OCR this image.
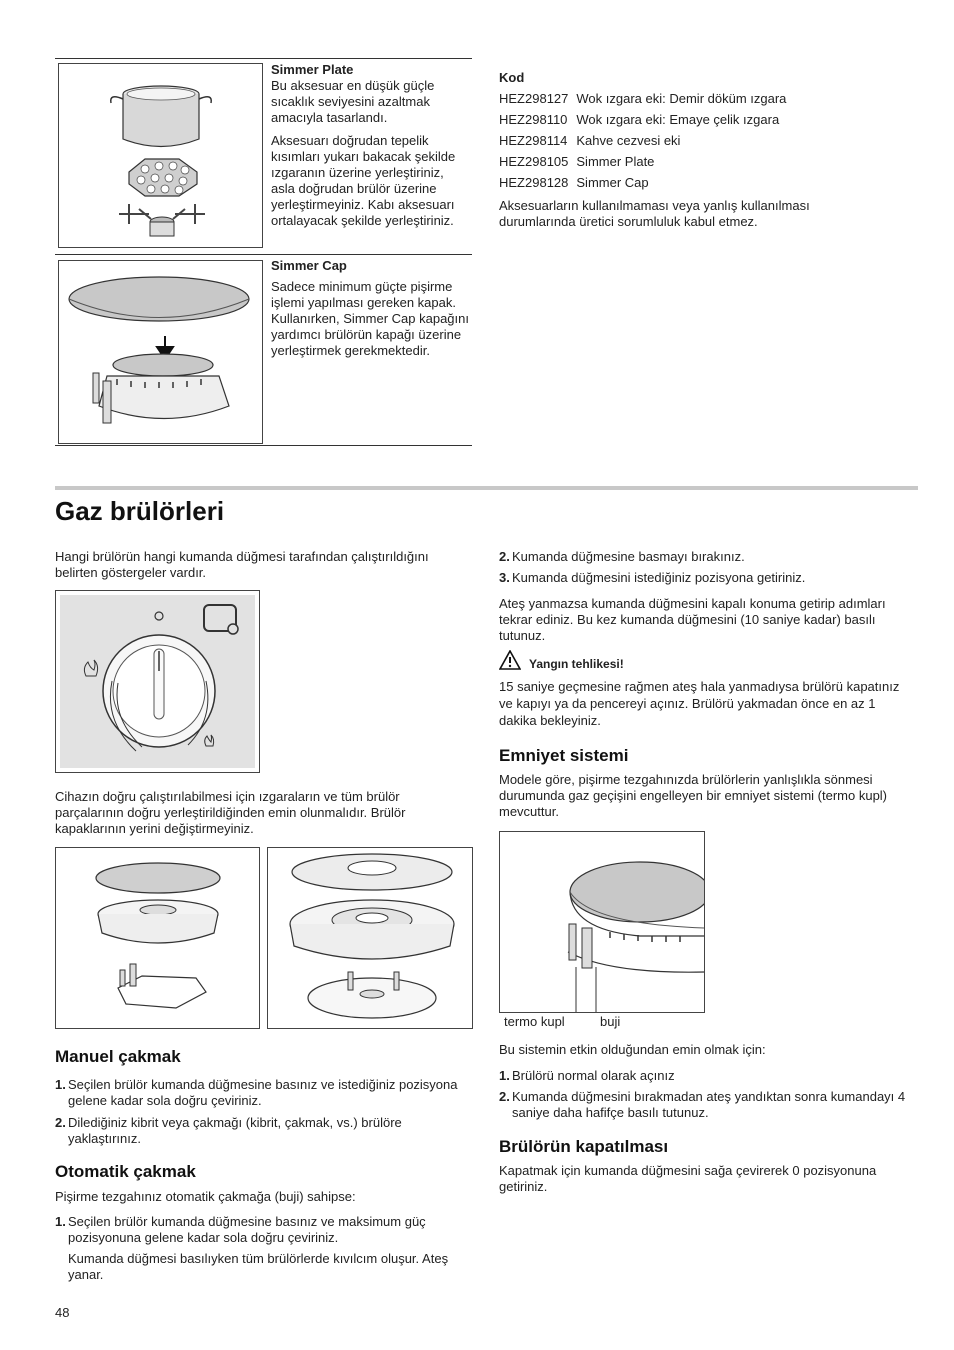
Simmer Plate

Bu aksesuar en düşük güçle sıcaklık seviyesini azaltmak amacıyla tasarlandı.

Aksesuarı doğrudan tepelik kısımları yukarı bakacak şekilde ızgaranın üzerine yerleştiriniz, asla doğrudan brülör üzerine yerleştirmeyiniz. Kabı aksesuarı ortalayacak şekilde yerleştiriniz.

Simmer Cap

Sadece minimum güçte pişirme işlemi yapılması gereken kapak. Kullanırken, Simmer Cap kapağını yardımcı brülörün kapağı üzerine yerleştirmek gerekmektedir.

Kod
HEZ298127	Wok ızgara eki: Demir döküm ızgara
HEZ298110	Wok ızgara eki: Emaye çelik ızgara
HEZ298114	Kahve cezvesi eki
HEZ298105	Simmer Plate
HEZ298128	Simmer Cap

Aksesuarların kullanılmaması veya yanlış kullanılması durumlarında üretici sorumluluk kabul etmez.

Gaz brülörleri

Hangi brülörün hangi kumanda düğmesi tarafından çalıştırıldığını belirten göstergeler vardır.

Cihazın doğru çalıştırılabilmesi için ızgaraların ve tüm brülör parçalarının doğru yerleştirildiğinden emin olunmalıdır. Brülör kapaklarının yerini değiştirmeyiniz.

Manuel çakmak
1. Seçilen brülör kumanda düğmesine basınız ve istediğiniz pozisyona gelene kadar sola doğru çeviriniz.
2. Dilediğiniz kibrit veya çakmağı (kibrit, çakmak, vs.) brülöre yaklaştırınız.
Otomatik çakmak

Pişirme tezgahınız otomatik çakmağa (buji) sahipse:

1. Seçilen brülör kumanda düğmesine basınız ve maksimum güç pozisyonuna gelene kadar sola doğru çeviriniz.

Kumanda düğmesi basılıyken tüm brülörlerde kıvılcım oluşur. Ateş yanar.

48
2. Kumanda düğmesine basmayı bırakınız.
3. Kumanda düğmesini istediğiniz pozisyona getiriniz.

Ateş yanmazsa kumanda düğmesini kapalı konuma getirip adımları tekrar ediniz. Bu kez kumanda düğmesini (10 saniye kadar) basılı tutunuz.

Yangın tehlikesi!

15 saniye geçmesine rağmen ateş hala yanmadıysa brülörü kapatınız ve kapıyı ya da pencereyi açınız. Brülörü yakmadan önce en az 1 dakika bekleyiniz.

Emniyet sistemi

Modele göre, pişirme tezgahınızda brülörlerin yanlışlıkla sönmesi durumunda gaz geçişini engelleyen bir emniyet sistemi (termo kupl) mevcuttur.

termo kupl	buji

Bu sistemin etkin olduğundan emin olmak için:

1. Brülörü normal olarak açınız
2. Kumanda düğmesini bırakmadan ateş yandıktan sonra kumandayı 4 saniye daha hafifçe basılı tutunuz.
Brülörün kapatılması

Kapatmak için kumanda düğmesini sağa çevirerek 0 pozisyonuna getiriniz.
